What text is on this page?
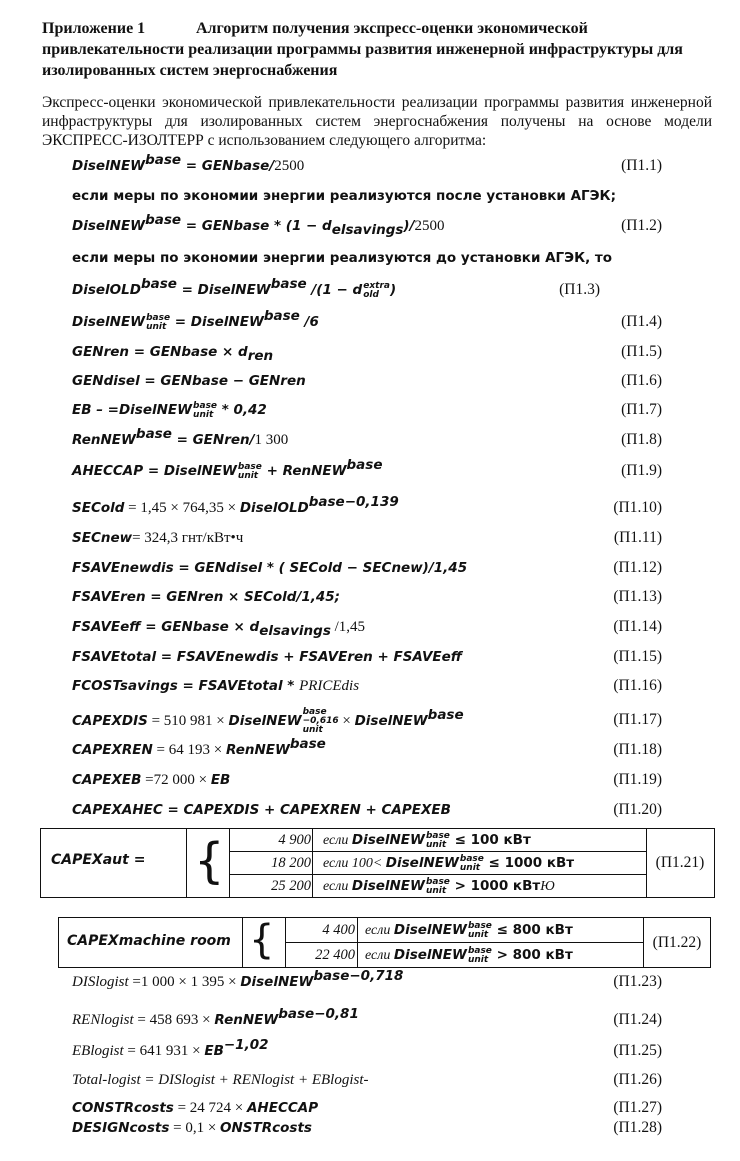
Приложение 1	Алгоритм получения экспресс-оценки экономической привлекательности реализации программы развития инженерной инфраструктуры для изолированных систем энергоснабжения
Экспресс-оценки экономической привлекательности реализации программы развития инженерной инфраструктуры для изолированных систем энергоснабжения получены на основе модели ЭКСПРЕСС-ИЗОЛТЕРР с использованием следующего алгоритма:
DiselNEW$^{base}$ = GENbase/2500	(П1.1)
если меры по экономии энергии реализуются после установки АГЭК;
DiselNEW$^{base}$ = GENbase * $(1 - d_{elsavings})/2500$	(П1.2)
если меры по экономии энергии реализуются до установки АГЭК, то
DiselOLD$^{base}$ = DiselNEW$^{base}$ /(1 − d extra
old )	(П1.3)
DiselNEW base
unit = DiselNEW$^{base}$ /6	(П1.4)
GENren = GENbase × $d_{ren}$	(П1.5)
GENdisel = GENbase − GENren	(П1.6)
EB – =DiselNEW base
unit * 0,42	(П1.7)
RenNEW$^{base}$ = GENren/1 300	(П1.8)
AHECCAP = DiselNEW base
unit + RenNEW$^{base}$	(П1.9)
SECold = 1,45 × 764,35 × DiselOLD$^{base-0,139}$	(П1.10)
SECnew= 324,3 гнт/кВт•ч	(П1.11)
FSAVEnewdis = GENdisel * ( SECold − SECnew)/1,45	(П1.12)
FSAVEren = GENren × SECold/1,45;	(П1.13)
FSAVEeff = GENbase × $d_{elsavings}$ /1,45	(П1.14)
FSAVEtotal = FSAVEnewdis + FSAVEren + FSAVEeff	(П1.15)
FCOSTsavings = FSAVEtotal * PRICEdis	(П1.16)
CAPEXDIS = 510 981 × DiselNEW
base
−0,616
unit
× DiselNEW$^{base}$	(П1.17)
CAPEXREN = 64 193 × RenNEW$^{base}$	(П1.18)
CAPEXEB =72 000 × EB	(П1.19)
CAPEXAHEC = CAPEXDIS + CAPEXREN + CAPEXEB	(П1.20)
CAPEXaut =	{	4 900 если DiselNEW base
unit ≤ 100 кВт
18 200 если 100< DiselNEW base
unit ≤ 1000 кВт
25 200 если DiselNEW base
unit > 1000 кВтЮ
(П1.21)
CAPEXmachine room {	4 400 если DiselNEW base
unit ≤ 800 кВт
22 400 если DiselNEW base
unit > 800 кВт
(П1.22)
DISlogist =1 000 × 1 395 × DiselNEW$^{base-0,718}$	(П1.23)
RENlogist = 458 693 × RenNEW$^{base-0,81}$	(П1.24)
EBlogist = 641 $931 \times EB^{-1,02}$	(П1.25)
Total-logist = DISlogist + RENlogist + EBlogist-	(П1.26)
CONSTRcosts = 24 724 × AHECCAP	(П1.27)
DESIGNcosts = 0,1 × ONSTRcosts	(П1.28)
